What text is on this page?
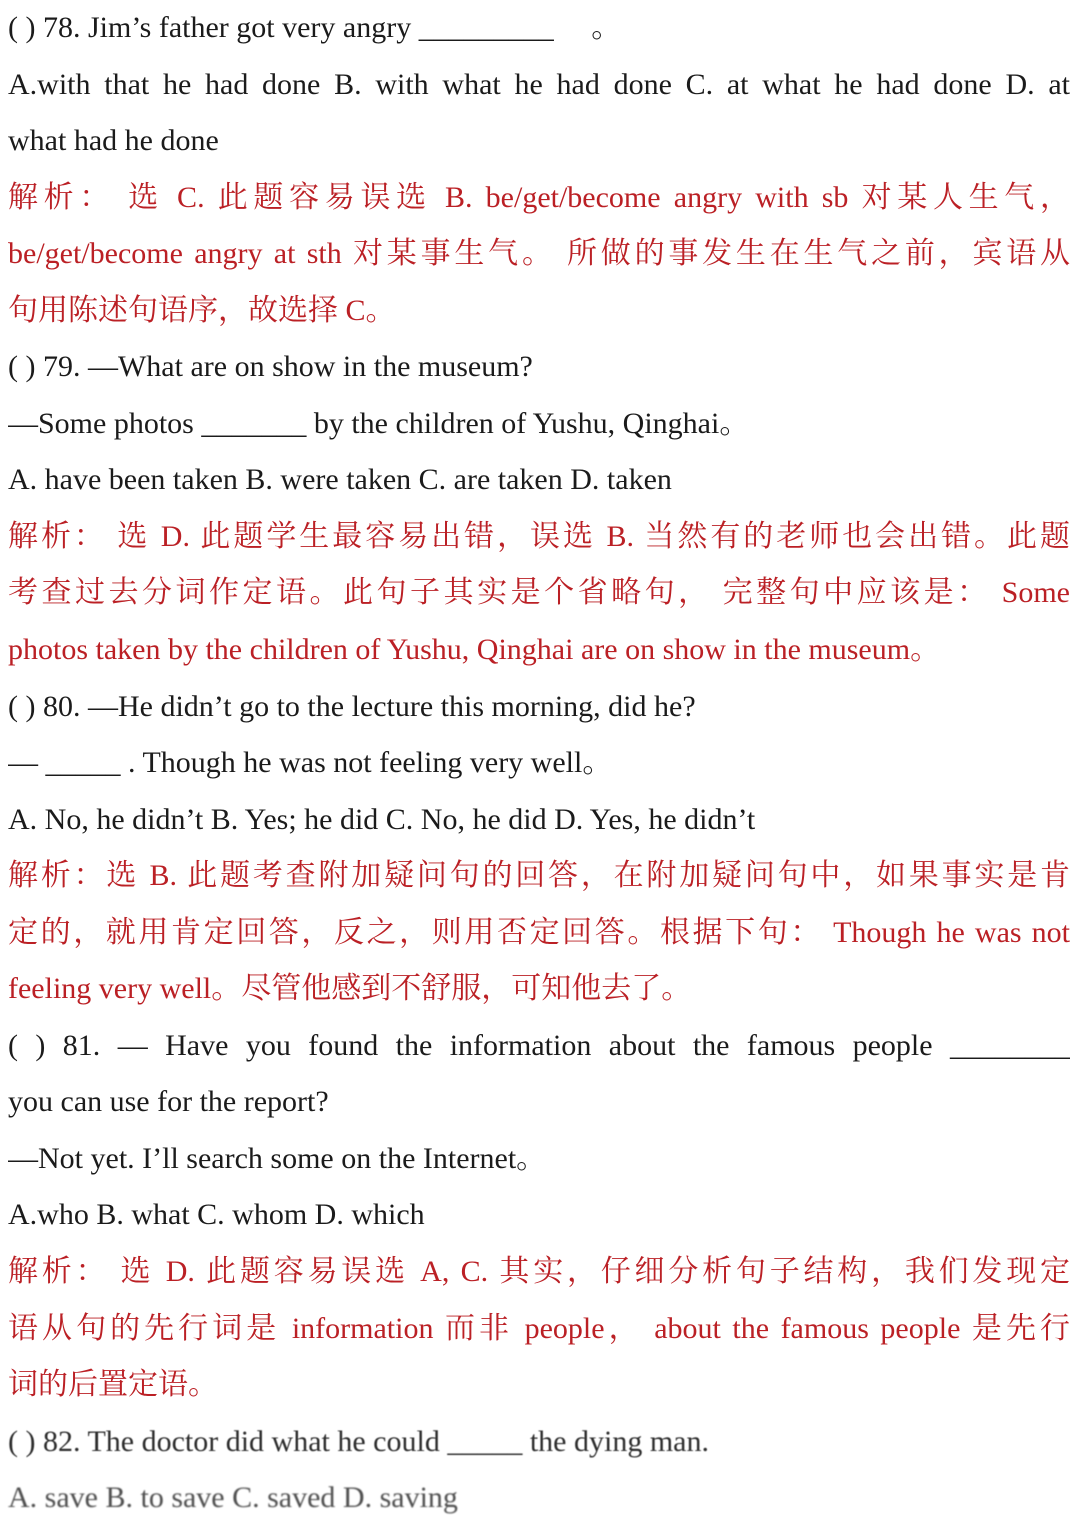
( ) 78. Jim’s father got very angry _________ 　。
A.with that he had done B. with what he had done C. at what he had done D. at
what had he done
解析： 选 C. 此题容易误选 B. be/get/become angry with sb 对某人生气，
be/get/become angry at sth 对某事生气。 所做的事发生在生气之前，宾语从
句用陈述句语序，故选择 C。
( ) 79. —What are on show in the museum?
—Some photos _______ by the children of Yushu, Qinghai。
A. have been taken B. were taken C. are taken D. taken
解析： 选 D. 此题学生最容易出错，误选 B. 当然有的老师也会出错。此题
考查过去分词作定语。此句子其实是个省略句， 完整句中应该是： Some
photos taken by the children of Yushu, Qinghai are on show in the museum。
( ) 80. —He didn’t go to the lecture this morning, did he?
— _____ . Though he was not feeling very well。
A. No, he didn’t B. Yes; he did C. No, he did D. Yes, he didn’t
解析：选 B. 此题考查附加疑问句的回答，在附加疑问句中，如果事实是肯
定的，就用肯定回答，反之，则用否定回答。根据下句： Though he was not
feeling very well。尽管他感到不舒服，可知他去了。
( ) 81. — Have you found the information about the famous people ________
you can use for the report?
—Not yet. I’ll search some on the Internet。
A.who B. what C. whom D. which
解析： 选 D. 此题容易误选 A, C. 其实，仔细分析句子结构，我们发现定
语从句的先行词是 information 而非 people， about the famous people 是先行
词的后置定语。
( ) 82. The doctor did what he could _____ the dying man.
A. save B. to save C. saved D. saving
